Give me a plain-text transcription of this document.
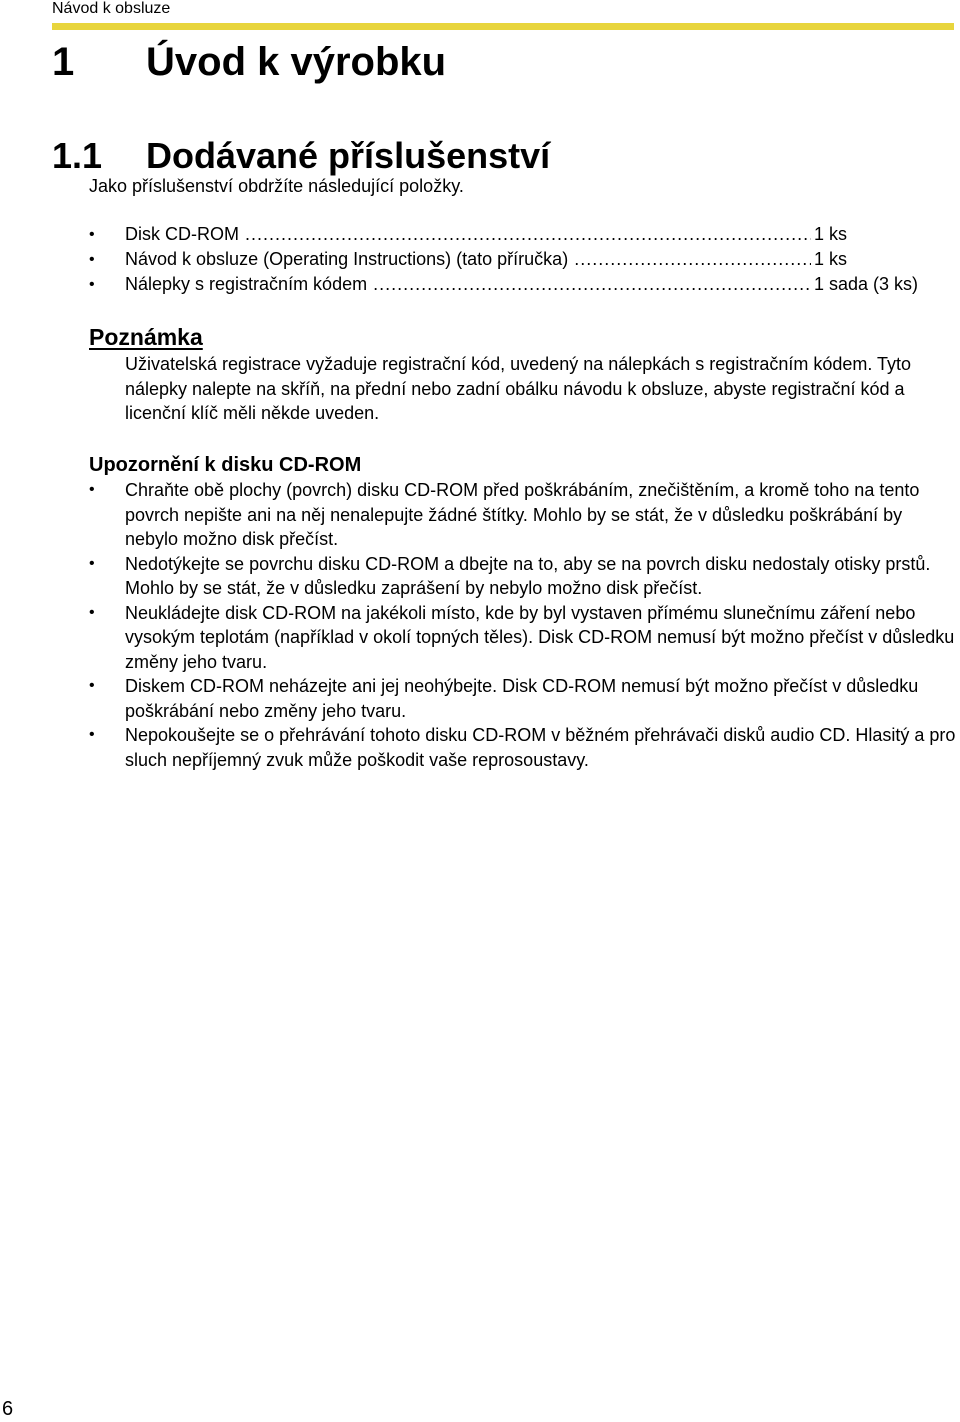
Návod k obsluze
1 Úvod k výrobku
1.1 Dodávané příslušenství
Jako příslušenství obdržíte následující položky.
•	Disk CD-ROM .....	1 ks
•	Návod k obsluze (Operating Instructions) (tato příručka) .....	1 ks
•	Nálepky s registračním kódem .....	1 sada (3 ks)
Poznámka
Uživatelská registrace vyžaduje registrační kód, uvedený na nálepkách s registračním kódem. Tyto nálepky nalepte na skříň, na přední nebo zadní obálku návodu k obsluze, abyste registrační kód a licenční klíč měli někde uveden.
Upozornění k disku CD-ROM
•	Chraňte obě plochy (povrch) disku CD-ROM před poškrábáním, znečištěním, a kromě toho na tento povrch nepište ani na něj nenalepujte žádné štítky. Mohlo by se stát, že v důsledku poškrábání by nebylo možno disk přečíst.
•	Nedotýkejte se povrchu disku CD-ROM a dbejte na to, aby se na povrch disku nedostaly otisky prstů. Mohlo by se stát, že v důsledku zaprášení by nebylo možno disk přečíst.
•	Neukládejte disk CD-ROM na jakékoli místo, kde by byl vystaven přímému slunečnímu záření nebo vysokým teplotám (například v okolí topných těles). Disk CD-ROM nemusí být možno přečíst v důsledku změny jeho tvaru.
•	Diskem CD-ROM neházejte ani jej neohýbejte. Disk CD-ROM nemusí být možno přečíst v důsledku poškrábání nebo změny jeho tvaru.
•	Nepokoušejte se o přehrávání tohoto disku CD-ROM v běžném přehrávači disků audio CD. Hlasitý a pro sluch nepříjemný zvuk může poškodit vaše reprosoustavy.
6
